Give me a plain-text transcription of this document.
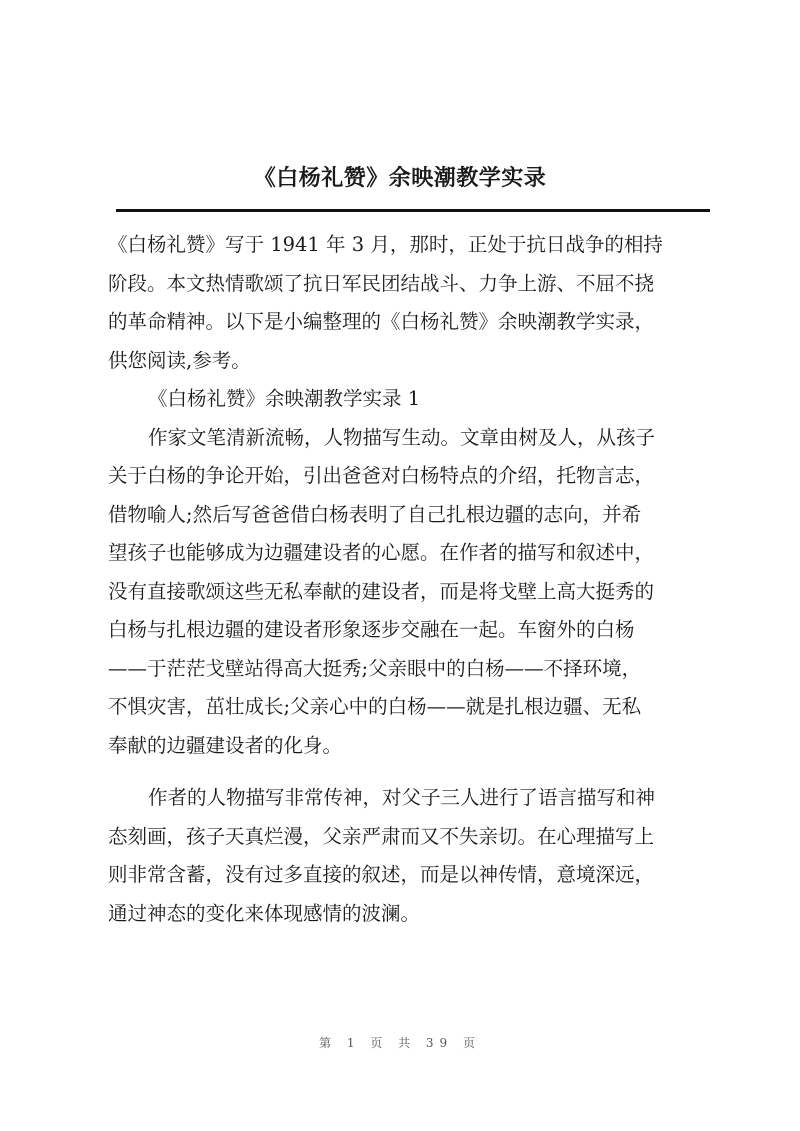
《白杨礼赞》余映潮教学实录
《白杨礼赞》写于 1941 年 3 月，那时，正处于抗日战争的相持
阶段。本文热情歌颂了抗日军民团结战斗、力争上游、不屈不挠
的革命精神。以下是小编整理的《白杨礼赞》余映潮教学实录，
供您阅读,参考。
《白杨礼赞》余映潮教学实录 1
作家文笔清新流畅，人物描写生动。文章由树及人，从孩子
关于白杨的争论开始，引出爸爸对白杨特点的介绍，托物言志，
借物喻人;然后写爸爸借白杨表明了自己扎根边疆的志向，并希
望孩子也能够成为边疆建设者的心愿。在作者的描写和叙述中，
没有直接歌颂这些无私奉献的建设者，而是将戈壁上高大挺秀的
白杨与扎根边疆的建设者形象逐步交融在一起。车窗外的白杨
——于茫茫戈壁站得高大挺秀;父亲眼中的白杨——不择环境，
不惧灾害，茁壮成长;父亲心中的白杨——就是扎根边疆、无私
奉献的边疆建设者的化身。
作者的人物描写非常传神，对父子三人进行了语言描写和神
态刻画，孩子天真烂漫，父亲严肃而又不失亲切。在心理描写上
则非常含蓄，没有过多直接的叙述，而是以神传情，意境深远，
通过神态的变化来体现感情的波澜。
第 1 页 共 39 页
